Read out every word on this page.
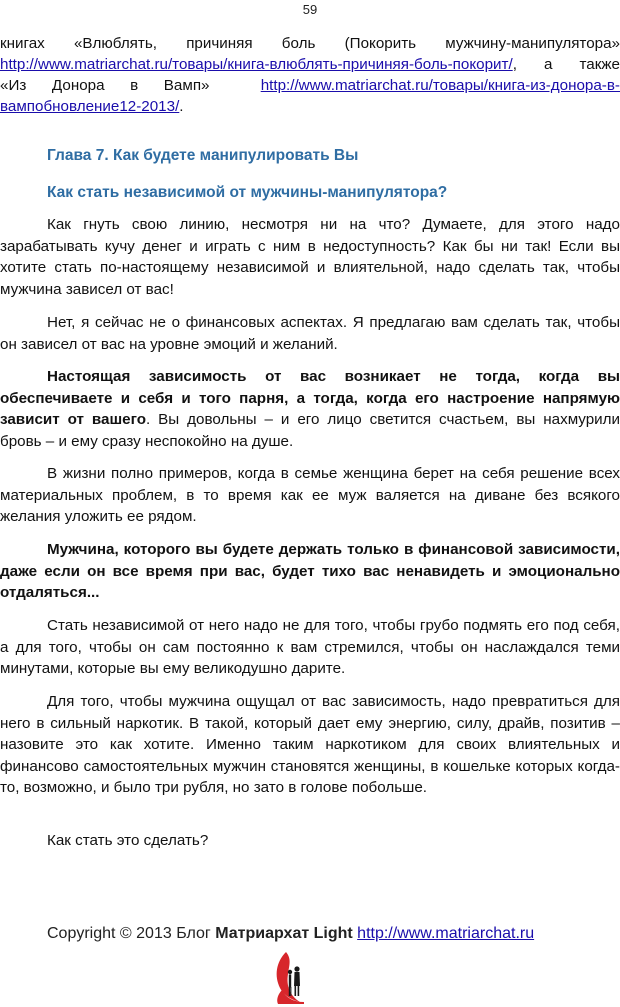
59

книгах «Влюблять, причиняя боль (Покорить мужчину-манипулятора»

http://www.matriarchat.ru/товары/книга-влюблять-причиняя-боль-покорит/, а также

«Из Донора в Вамп»	http://www.matriarchat.ru/товары/книга-из-донора-в-

вампобновление12-2013/.

Глава 7. Как будете манипулировать Вы
Как стать независимой от мужчины-манипулятора?

Как гнуть свою линию, несмотря ни на что? Думаете, для этого надо зарабатывать кучу денег и играть с ним в недоступность? Как бы ни так! Если вы хотите стать по-настоящему независимой и влиятельной, надо сделать так, чтобы мужчина зависел от вас!

Нет, я сейчас не о финансовых аспектах. Я предлагаю вам сделать так, чтобы он зависел от вас на уровне эмоций и желаний.

Настоящая зависимость от вас возникает не тогда, когда вы обеспечиваете и себя и того парня, а тогда, когда его настроение напрямую зависит от вашего. Вы довольны – и его лицо светится счастьем, вы нахмурили бровь – и ему сразу неспокойно на душе.

В жизни полно примеров, когда в семье женщина берет на себя решение всех материальных проблем, в то время как ее муж валяется на диване без всякого желания уложить ее рядом.

Мужчина, которого вы будете держать только в финансовой зависимости, даже если он все время при вас, будет тихо вас ненавидеть и эмоционально отдаляться...

Стать независимой от него надо не для того, чтобы грубо подмять его под себя, а для того, чтобы он сам постоянно к вам стремился, чтобы он наслаждался теми минутами, которые вы ему великодушно дарите.

Для того, чтобы мужчина ощущал от вас зависимость, надо превратиться для него в сильный наркотик. В такой, который дает ему энергию, силу, драйв, позитив – назовите это как хотите. Именно таким наркотиком для своих влиятельных и финансово самостоятельных мужчин становятся женщины, в кошельке которых когда-то, возможно, и было три рубля, но зато в голове побольше.

Как стать это сделать?

Copyright © 2013 Блог Матриархат Light http://www.matriarchat.ru
